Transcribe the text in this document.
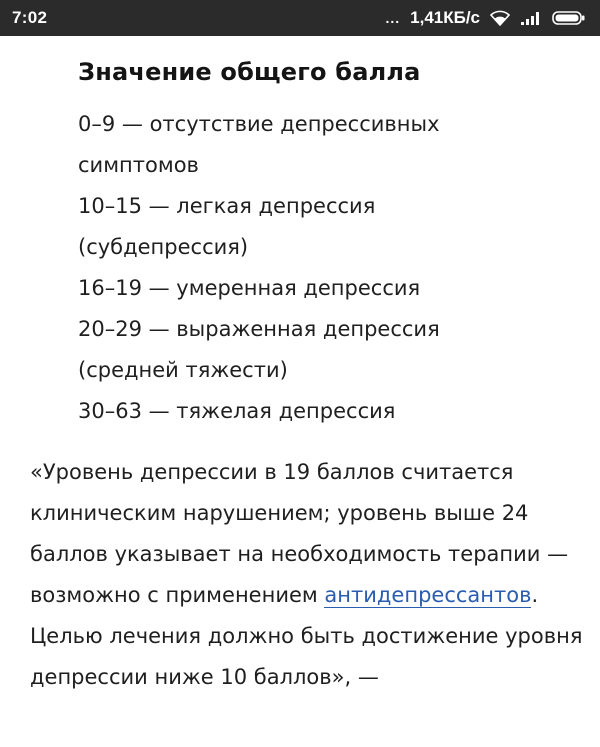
7:02	... 1,41КБ/с
Значение общего балла
0–9 — отсутствие депрессивных
симптомов
10–15 — легкая депрессия
(субдепрессия)
16–19 — умеренная депрессия
20–29 — выраженная депрессия
(средней тяжести)
30–63 — тяжелая депрессия

«Уровень депрессии в 19 баллов считается клиническим нарушением; уровень выше 24 баллов указывает на необходимость терапии — возможно с применением антидепрессантов. Целью лечения должно быть достижение уровня депрессии ниже 10 баллов», —
